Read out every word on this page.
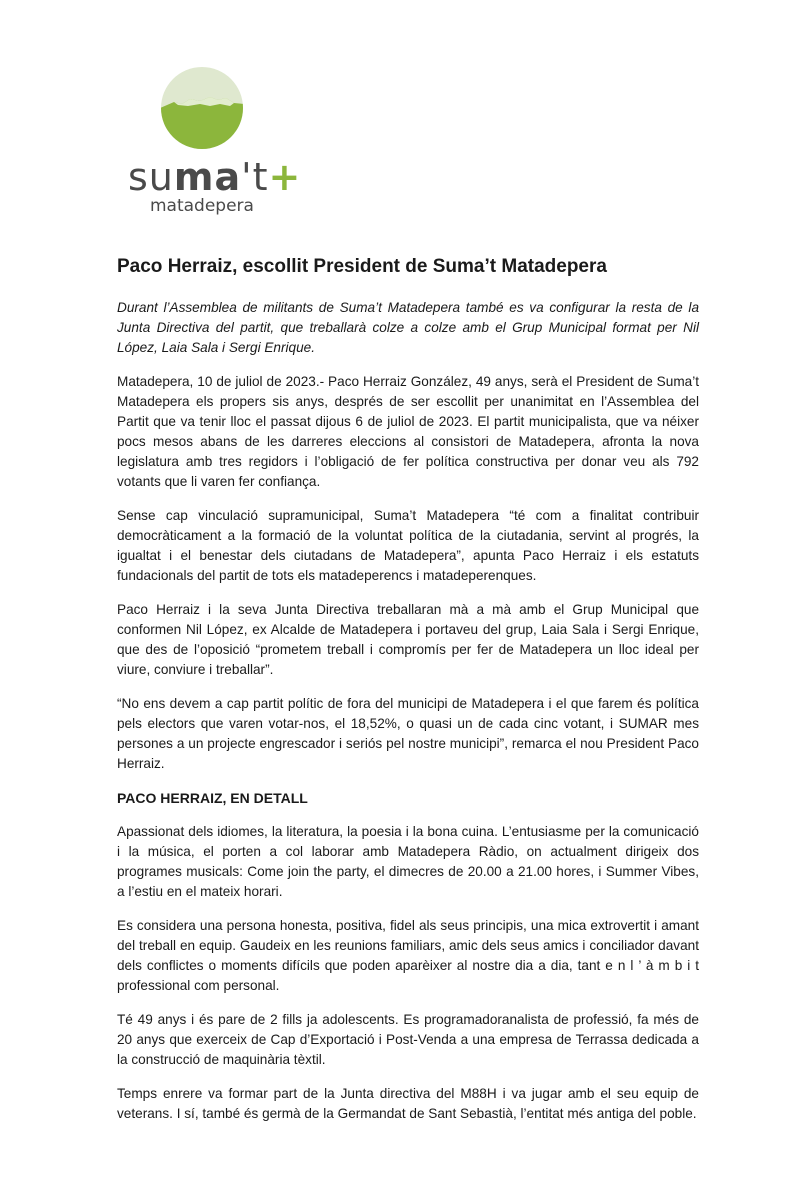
suma't+
matadepera
Paco Herraiz, escollit President de Suma’t Matadepera

Durant l’Assemblea de militants de Suma’t Matadepera també es va configurar la resta de la Junta Directiva del partit, que treballarà colze a colze amb el Grup Municipal format per Nil López, Laia Sala i Sergi Enrique.

Matadepera, 10 de juliol de 2023.- Paco Herraiz González, 49 anys, serà el President de Suma’t Matadepera els propers sis anys, després de ser escollit per unanimitat en l’Assemblea del Partit que va tenir lloc el passat dijous 6 de juliol de 2023. El partit municipalista, que va néixer pocs mesos abans de les darreres eleccions al consistori de Matadepera, afronta la nova legislatura amb tres regidors i l’obligació de fer política constructiva per donar veu als 792 votants que li varen fer confiança.

Sense cap vinculació supramunicipal, Suma’t Matadepera “té com a finalitat contribuir democràticament a la formació de la voluntat política de la ciutadania, servint al progrés, la igualtat i el benestar dels ciutadans de Matadepera”, apunta Paco Herraiz i els estatuts fundacionals del partit de tots els matadeperencs i matadeperenques.

Paco Herraiz i la seva Junta Directiva treballaran mà a mà amb el Grup Municipal que conformen Nil López, ex Alcalde de Matadepera i portaveu del grup, Laia Sala i Sergi Enrique, que des de l’oposició “prometem treball i compromís per fer de Matadepera un lloc ideal per viure, conviure i treballar”.

“No ens devem a cap partit polític de fora del municipi de Matadepera i el que farem és política pels electors que varen votar-nos, el 18,52%, o quasi un de cada cinc votant, i SUMAR mes persones a un projecte engrescador i seriós pel nostre municipi”, remarca el nou President Paco Herraiz.

PACO HERRAIZ, EN DETALL

Apassionat dels idiomes, la literatura, la poesia i la bona cuina. L’entusiasme per la comunicació i la música, el porten a col laborar amb Matadepera Ràdio, on actualment dirigeix dos programes musicals: Come join the party, el dimecres de 20.00 a 21.00 hores, i Summer Vibes, a l’estiu en el mateix horari.

Es considera una persona honesta, positiva, fidel als seus principis, una mica extrovertit i amant del treball en equip. Gaudeix en les reunions familiars, amic dels seus amics i conciliador davant dels conflictes o moments difícils que poden aparèixer al nostre dia a dia, tant e n l ’ à m b i t professional com personal.

Té 49 anys i és pare de 2 fills ja adolescents. Es programadoranalista de professió, fa més de 20 anys que exerceix de Cap d’Exportació i Post-Venda a una empresa de Terrassa dedicada a la construcció de maquinària tèxtil.

Temps enrere va formar part de la Junta directiva del M88H i va jugar amb el seu equip de veterans. I sí, també és germà de la Germandat de Sant Sebastià, l’entitat més antiga del poble.
